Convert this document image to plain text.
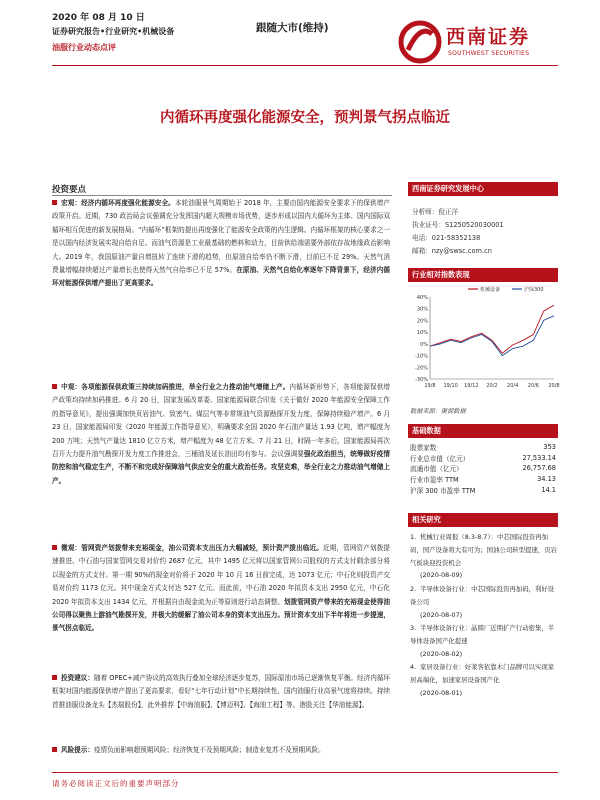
2020 年 08 月 10 日
证券研究报告•行业研究•机械设备
油服行业动态点评
跟随大市(维持)	西南证券
SOUTHWEST SECURITIES
内循环再度强化能源安全，预判景气拐点临近
投资要点
宏观：经济内循环再度强化能源安全。本轮油服景气周期始于 2018 年，主要由国内能源安全要求下的保供增产政策开启。近期，730 政治局会议强调充分发挥国内超大规模市场优势，逐步形成以国内大循环为主体、国内国际双循环相互促进的新发展格局。“内循环”框架的提出再度强化了能源安全政策的内生逻辑。内循环框架的核心要求之一是以国内经济发展实现自给自足。而油气资源是工业最基础的燃料和动力，目前供给端需要外部依存故地缘政治影响大。2019 年，我国原油产量自增扭转了连续下滑的趋势，但原油自给率仍不断下滑，目前已不足 29%。天然气消费量增幅持续超过产量增长也使得天然气自给率已不足 57%。在原油、天然气自给化率逐年下降背景下，经济内循环对能源保供增产提出了更高要求。
中观：各项能源保供政策三持续加码推进，举全行业之力推动油气增储上产。内循环新形势下，各项能源保供增产政策均持续加码推进。6 月 20 日，国家发展改革委、国家能源局联合印发《关于做好 2020 年能源安全保障工作的指导意见》，提出强调加快页岩油气、致密气、煤层气等非常规油气资源勘探开发力度，保障持续稳产增产。6 月 23 日，国家能源局印发《2020 年能源工作指导意见》，明确要求全国 2020 年石油产量达 1.93 亿吨，增产幅度为 200 万吨；天然气产量达 1810 亿立方米，增产幅度为 48 亿立方米。7 月 21 日，时隔一年多后，国家能源局再次召开大力提升油气勘探开发力度工作推进会，三桶油及延长油田均有参与。会议强调要强化政治担当，统筹做好疫情防控和油气稳定生产，不断不和完成好保障油气供应安全的重大政治任务。攻坚克难，举全行业之力推动油气增储上产。
微观：管网资产划拨带来充裕现金，油公司资本支出压力大幅减轻，预计资产拨出临近。近期，管网资产划拨提速推进。中石油与国家管网交易对价约 2687 亿元，其中 1495 亿元将以国家管网公司股权的方式支付剩余部分将以现金的方式支付。第一期 90%的现金对价将于 2020 年 10 月 16 日前完成，达 1073 亿元；中石化则投资产交易对价约 1173 亿元。其中现金方式支付达 527 亿元。而此前，中石油 2020 年拟资本支出 2950 亿元，中石化 2020 年拟资本支出 1434 亿元，并根据自由现金流为正等原则进行动态调整。划拨管网资产带来的充裕现金使得油公司得以聚焦上游油气勘探开发，并极大的缓解了油公司本身的资本支出压力。预计资本支出下半年将进一步提速，景气拐点临近。
投资建议：随着 OPEC+减产协议的高效执行叠加全球经济逐步复苏，国际原油市场已逐渐恢复平衡。经济内循环框架对国内能源保供增产提出了更高要求，看好“七年行动计划”中长期持续性，国内油服行业高景气度将持续。持续首推油服设备龙头【杰瑞股份】，此外推荐【中海油服】、【博迈科】、【海油工程】等。港股关注【华油能源】。
风险提示：疫情负面影响超预期风险；经济恢复不及预期风险；制造业复苏不及预期风险。
请务必阅读正文后的重要声明部分
西南证券研究发展中心
分析师：倪正洋
执业证号：S1250520030001
电话：021-58352138
邮箱：nzy@swsc.com.cn
行业相对指数表现
40%
30%
20%
10%
0%
-10%
-20%
-30%
19/8 19/10 19/12 20/2 20/4 20/6 20/8
机械设备	沪深300
数据来源：聚源数据
基础数据
股票家数	353
行业总市值（亿元）	27,533.14
流通市值（亿元）	26,757.68
行业市盈率 TTM	34.13
沪深 300 市盈率 TTM	14.1
相关研究
1. 机械行业周报（8.3-8.7）：中芯国际投资再加码，国产设备将大有可为；国油公司转型提速，页岩气板块迎投资机会
(2020-08-09)
2. 半导体设备行业：中芯国际投资再加码，利好设备公司
(2020-08-07)
3. 半导体设备行业：晶圆厂近期扩产行动密集，半导体设备国产化提速
(2020-08-02)
4. 家居设备行业：好莱客依靠木门品牌可以实现家居高端化，加速家居设备国产化
(2020-08-01)
